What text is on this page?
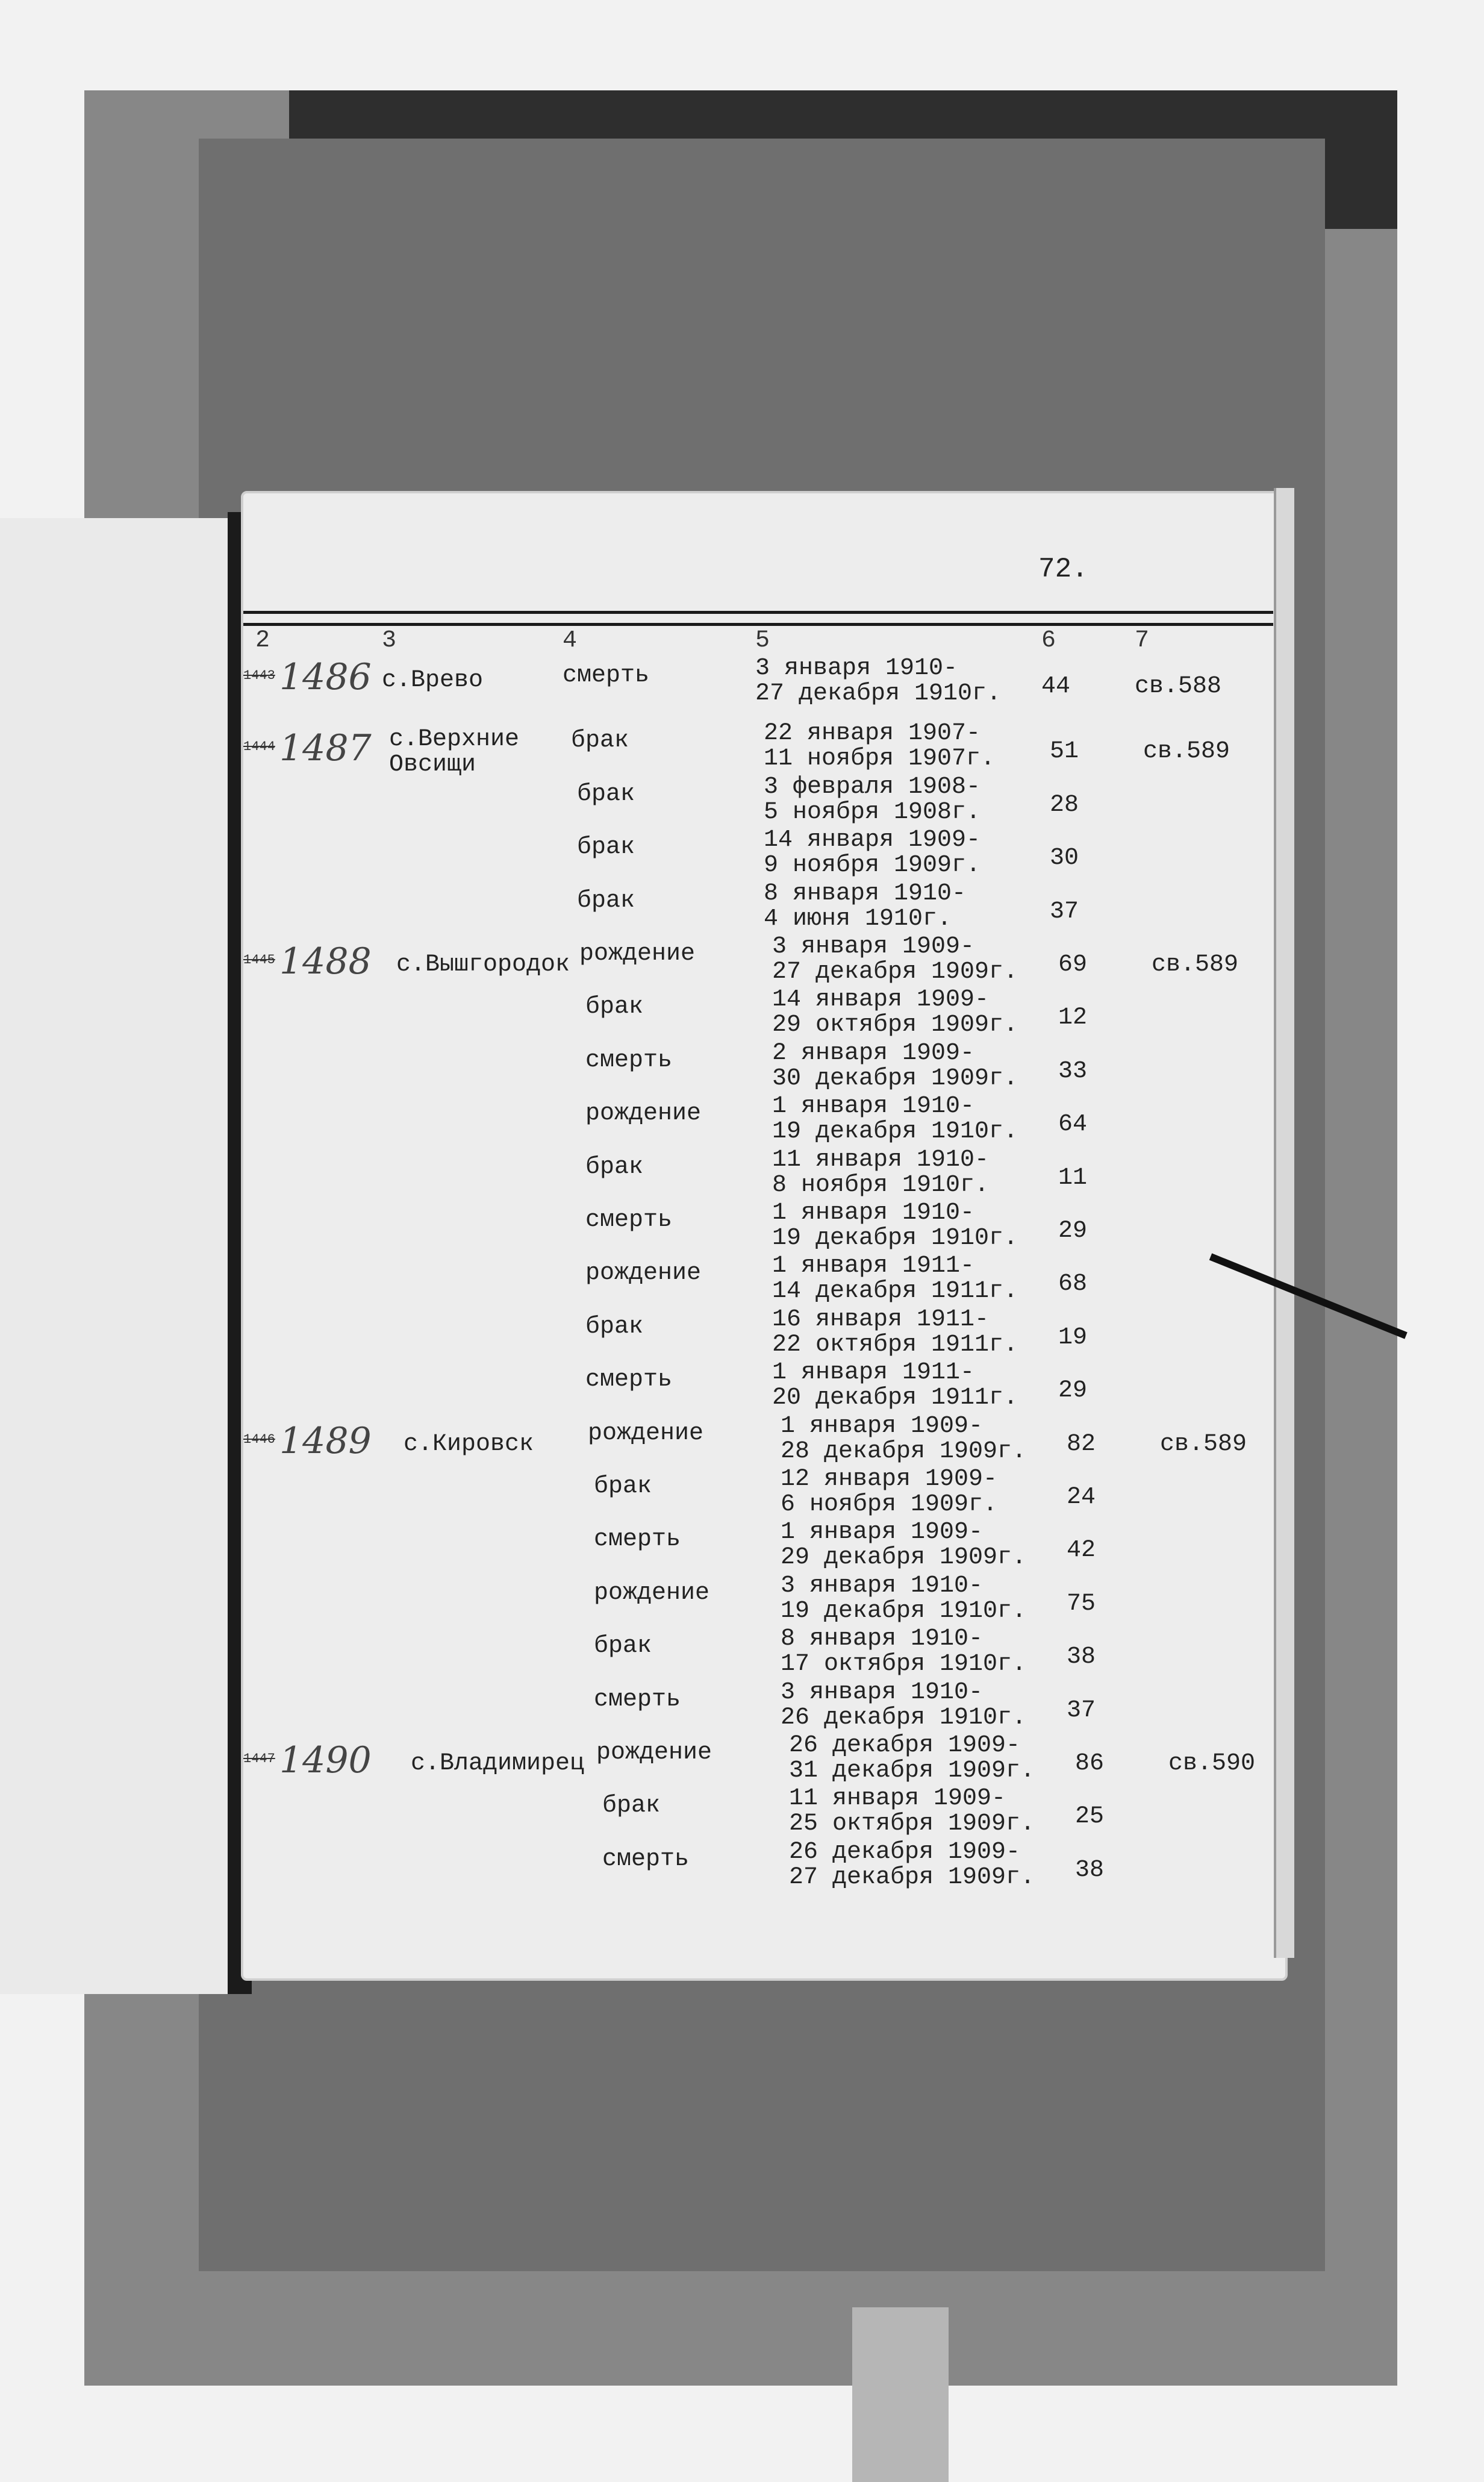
72.
2	3	4	5	6	7
1443 1486 с.Врево	смерть	3 января 1910-
27 декабря 1910г. 44	св.588
1444 1487 с.Верхние
Овсищи
брак	22 января 1907-
11 ноября 1907г. 51	св.589
брак	3 февраля 1908-
5 ноября 1908г.	28
брак	14 января 1909-
9 ноября 1909г.	30
брак	8 января 1910-
4 июня 1910г.	37
1445 1488 с.Вышгородок рождение	3 января 1909-
27 декабря 1909г. 69	св.589
брак	14 января 1909-
29 октября 1909г. 12
смерть	2 января 1909-
30 декабря 1909г. 33
рождение	1 января 1910-
19 декабря 1910г. 64
брак	11 января 1910-
8 ноября 1910г.	11
смерть	1 января 1910-
19 декабря 1910г. 29
рождение	1 января 1911-
14 декабря 1911г. 68
брак	16 января 1911-
22 октября 1911г. 19
смерть	1 января 1911-
20 декабря 1911г. 29
1446 1489 с.Кировск рождение	1 января 1909-
28 декабря 1909г. 82	св.589
брак	12 января 1909-
6 ноября 1909г.	24
смерть	1 января 1909-
29 декабря 1909г. 42
рождение	3 января 1910-
19 декабря 1910г. 75
брак	8 января 1910-
17 октября 1910г. 38
смерть	3 января 1910-
26 декабря 1910г. 37
1447 1490 с.Владимирец рождение	26 декабря 1909-
31 декабря 1909г. 86	св.590
брак	11 января 1909-
25 октября 1909г. 25
смерть	26 декабря 1909-
27 декабря 1909г. 38
